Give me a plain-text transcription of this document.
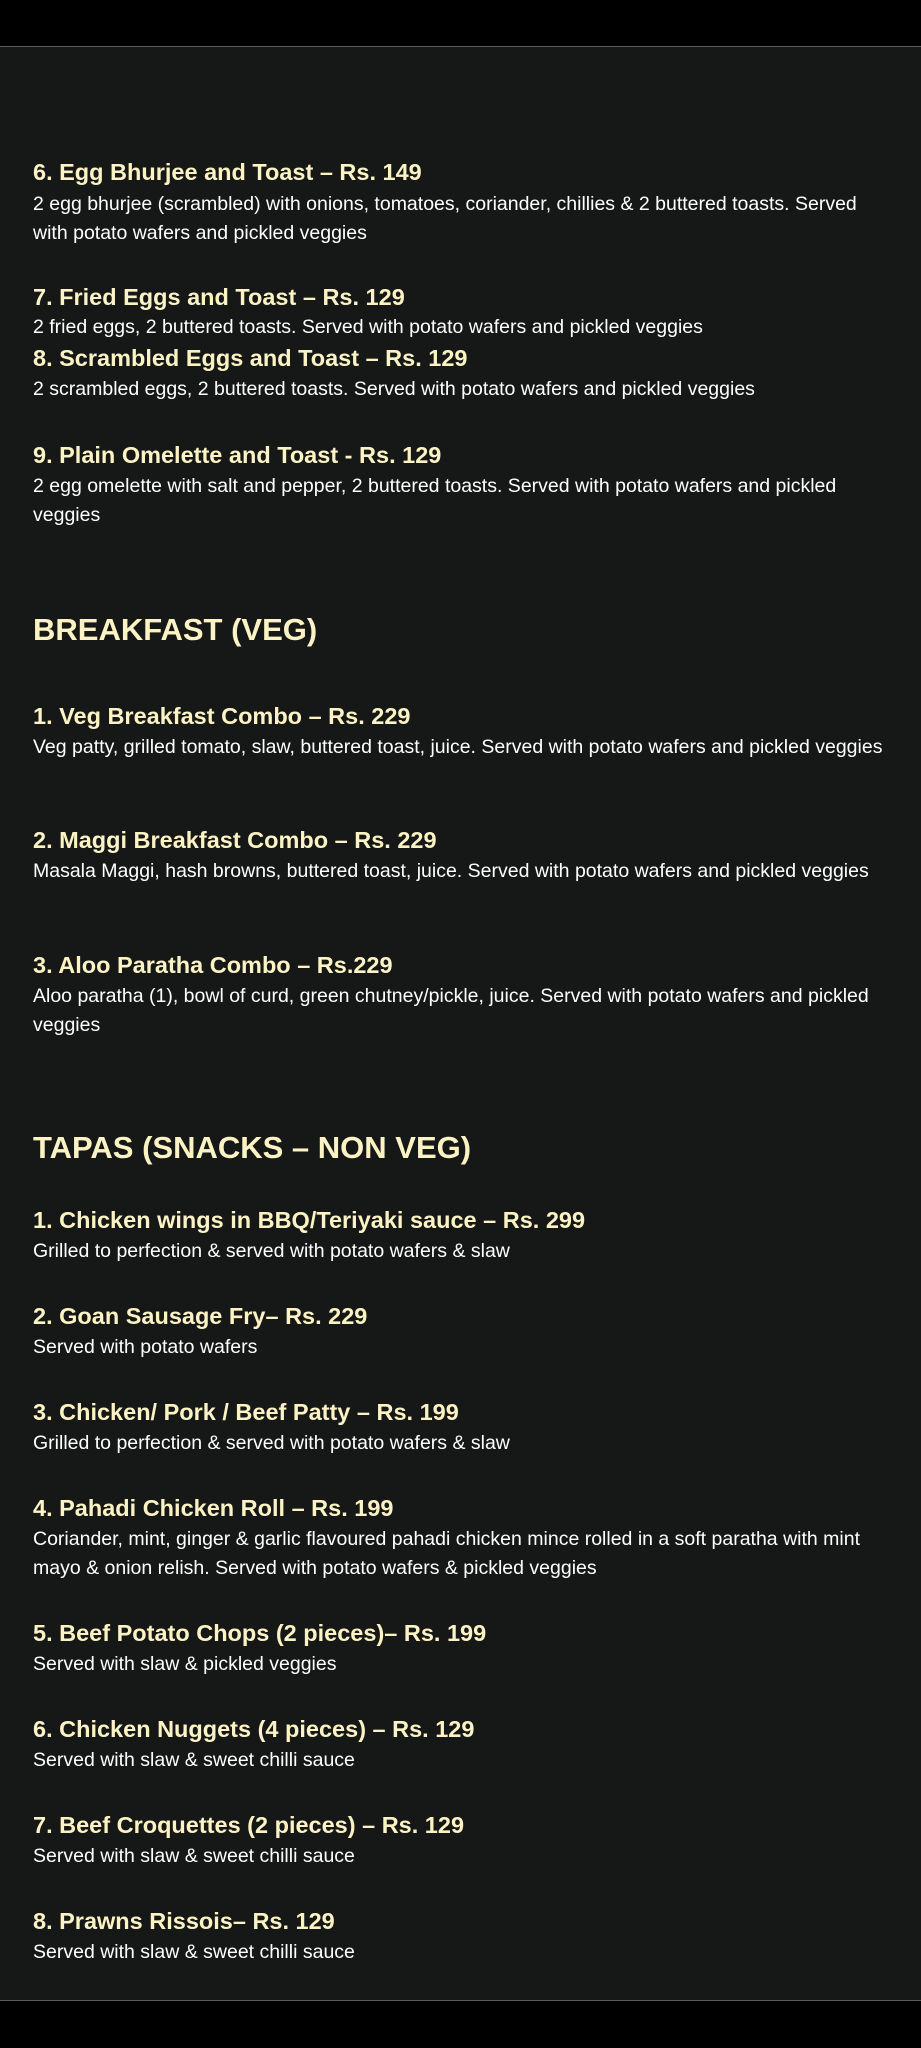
6. Egg Bhurjee and Toast – Rs. 149
2 egg bhurjee (scrambled) with onions, tomatoes, coriander, chillies & 2 buttered toasts. Served with potato wafers and pickled veggies
7. Fried Eggs and Toast – Rs. 129
2 fried eggs, 2 buttered toasts. Served with potato wafers and pickled veggies
8. Scrambled Eggs and Toast – Rs. 129
2 scrambled eggs, 2 buttered toasts. Served with potato wafers and pickled veggies
9. Plain Omelette and Toast - Rs. 129
2 egg omelette with salt and pepper, 2 buttered toasts. Served with potato wafers and pickled veggies
BREAKFAST (VEG)
1. Veg Breakfast Combo – Rs. 229
Veg patty, grilled tomato, slaw, buttered toast, juice. Served with potato wafers and pickled veggies
2. Maggi Breakfast Combo – Rs. 229
Masala Maggi, hash browns, buttered toast, juice. Served with potato wafers and pickled veggies
3. Aloo Paratha Combo – Rs.229
Aloo paratha (1), bowl of curd, green chutney/pickle, juice. Served with potato wafers and pickled veggies
TAPAS (SNACKS – NON VEG)
1. Chicken wings in BBQ/Teriyaki sauce – Rs. 299
Grilled to perfection & served with potato wafers & slaw
2. Goan Sausage Fry– Rs. 229
Served with potato wafers
3. Chicken/ Pork / Beef Patty – Rs. 199
Grilled to perfection & served with potato wafers & slaw
4. Pahadi Chicken Roll – Rs. 199
Coriander, mint, ginger & garlic flavoured pahadi chicken mince rolled in a soft paratha with mint mayo & onion relish. Served with potato wafers & pickled veggies
5. Beef Potato Chops (2 pieces)– Rs. 199
Served with slaw & pickled veggies
6. Chicken Nuggets (4 pieces) – Rs. 129
Served with slaw & sweet chilli sauce
7. Beef Croquettes (2 pieces) – Rs. 129
Served with slaw & sweet chilli sauce
8. Prawns Rissois– Rs. 129
Served with slaw & sweet chilli sauce
